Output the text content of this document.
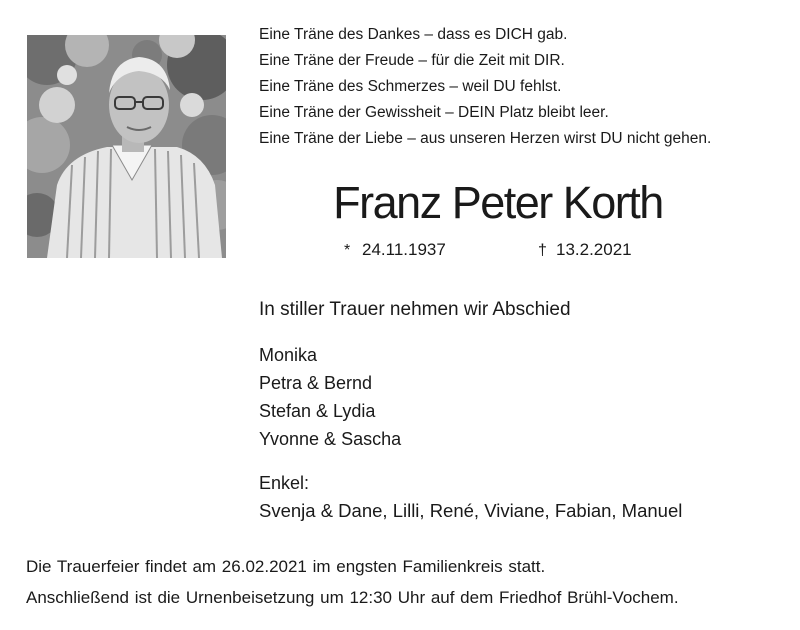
Eine Träne des Dankes – dass es DICH gab.
Eine Träne der Freude – für die Zeit mit DIR.
Eine Träne des Schmerzes – weil DU fehlst.
Eine Träne der Gewissheit – DEIN Platz bleibt leer.
Eine Träne der Liebe – aus unseren Herzen wirst DU nicht gehen.
Franz Peter Korth
* 24.11.1937	† 13.2.2021
In stiller Trauer nehmen wir Abschied
Monika
Petra & Bernd
Stefan & Lydia
Yvonne & Sascha
Enkel:
Svenja & Dane, Lilli, René, Viviane, Fabian, Manuel
Die Trauerfeier findet am 26.02.2021 im engsten Familienkreis statt.
Anschließend ist die Urnenbeisetzung um 12:30 Uhr auf dem Friedhof Brühl-Vochem.
